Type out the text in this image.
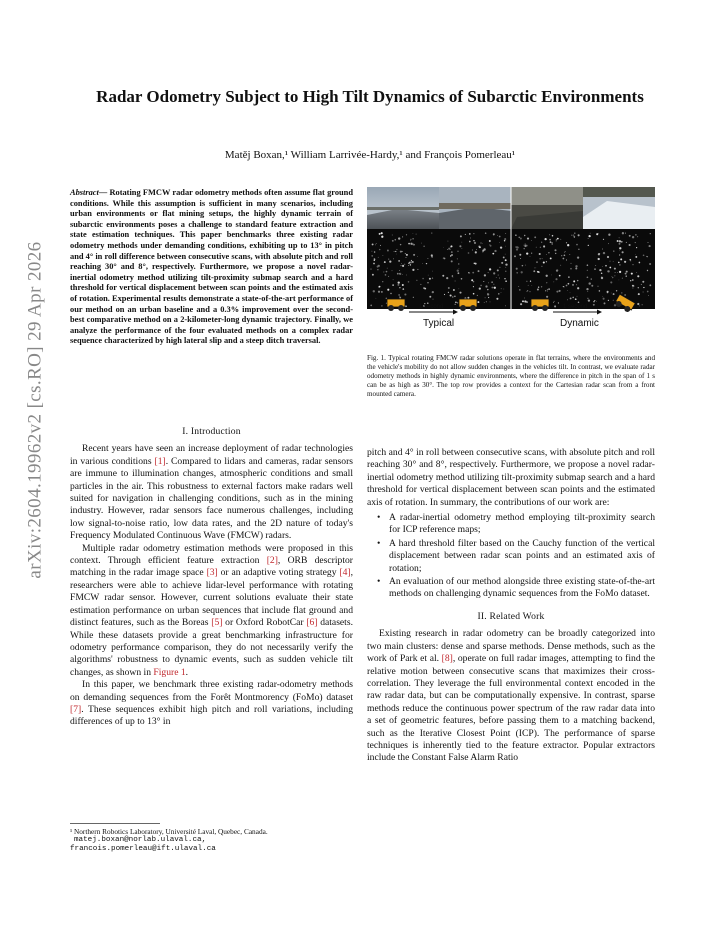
arXiv:2604.19962v2 [cs.RO] 29 Apr 2026
Radar Odometry Subject to High Tilt Dynamics of Subarctic Environments
Matěj Boxan,¹ William Larrivée-Hardy,¹ and François Pomerleau¹
Abstract— Rotating FMCW radar odometry methods often assume flat ground conditions. While this assumption is sufficient in many scenarios, including urban environments or flat mining setups, the highly dynamic terrain of subarctic environments poses a challenge to standard feature extraction and state estimation techniques. This paper benchmarks three existing radar odometry methods under demanding conditions, exhibiting up to 13° in pitch and 4° in roll difference between consecutive scans, with absolute pitch and roll reaching 30° and 8°, respectively. Furthermore, we propose a novel radar-inertial odometry method utilizing tilt-proximity submap search and a hard threshold for vertical displacement between scan points and the estimated axis of rotation. Experimental results demonstrate a state-of-the-art performance of our method on an urban baseline and a 0.3% improvement over the second-best comparative method on a 2-kilometer-long dynamic trajectory. Finally, we analyze the performance of the four evaluated methods on a complex radar sequence characterized by high lateral slip and a steep ditch traversal.
I. Introduction

Recent years have seen an increase deployment of radar technologies in various conditions [1]. Compared to lidars and cameras, radar sensors are immune to illumination changes, atmospheric conditions and small particles in the air. This robustness to external factors make radars well suited for navigation in challenging conditions, such as in the mining industry. However, radar sensors face numerous challenges, including low signal-to-noise ratio, low data rates, and the 2D nature of today's Frequency Modulated Continuous Wave (FMCW) radars.

Multiple radar odometry estimation methods were proposed in this context. Through efficient feature extraction [2], ORB descriptor matching in the radar image space [3] or an adaptive voting strategy [4], researchers were able to achieve lidar-level performance with rotating FMCW radar sensor. However, current solutions evaluate their state estimation performance on urban sequences that include flat ground and distinct features, such as the Boreas [5] or Oxford RobotCar [6] datasets. While these datasets provide a great benchmarking infrastructure for odometry performance comparison, they do not necessarily verify the algorithms' robustness to dynamic events, such as sudden vehicle tilt changes, as shown in Figure 1.

In this paper, we benchmark three existing radar-odometry methods on demanding sequences from the Forêt Montmorency (FoMo) dataset [7]. These sequences exhibit high pitch and roll variations, including differences of up to 13° in

¹ Northern Robotics Laboratory, Université Laval, Quebec, Canada.
matej.boxan@norlab.ulaval.ca,
francois.pomerleau@ift.ulaval.ca
1 second	1 second
Typical	Dynamic
Fig. 1. Typical rotating FMCW radar solutions operate in flat terrains, where the environments and the vehicle's mobility do not allow sudden changes in the vehicles tilt. In contrast, we evaluate radar odometry methods in highly dynamic environments, where the difference in pitch in the span of 1 s can be as high as 30°. The top row provides a context for the Cartesian radar scan from a front mounted camera.
pitch and 4° in roll between consecutive scans, with absolute pitch and roll reaching 30° and 8°, respectively. Furthermore, we propose a novel radar-inertial odometry method utilizing tilt-proximity submap search and a hard threshold for vertical displacement between scan points and the estimated axis of rotation. In summary, the contributions of our work are:
• A radar-inertial odometry method employing tilt-proximity search for ICP reference maps;
• A hard threshold filter based on the Cauchy function of the vertical displacement between radar scan points and an estimated axis of rotation;
• An evaluation of our method alongside three existing state-of-the-art methods on challenging dynamic sequences from the FoMo dataset.
II. Related Work

Existing research in radar odometry can be broadly categorized into two main clusters: dense and sparse methods. Dense methods, such as the work of Park et al. [8], operate on full radar images, attempting to find the relative motion between consecutive scans that maximizes their cross-correlation. They leverage the full environmental context encoded in the raw radar data, but can be computationally expensive. In contrast, sparse methods reduce the continuous power spectrum of the raw radar data into a set of geometric features, before passing them to a matching backend, such as the Iterative Closest Point (ICP). The performance of sparse techniques is inherently tied to the feature extractor. Popular extractors include the Constant False Alarm Ratio
